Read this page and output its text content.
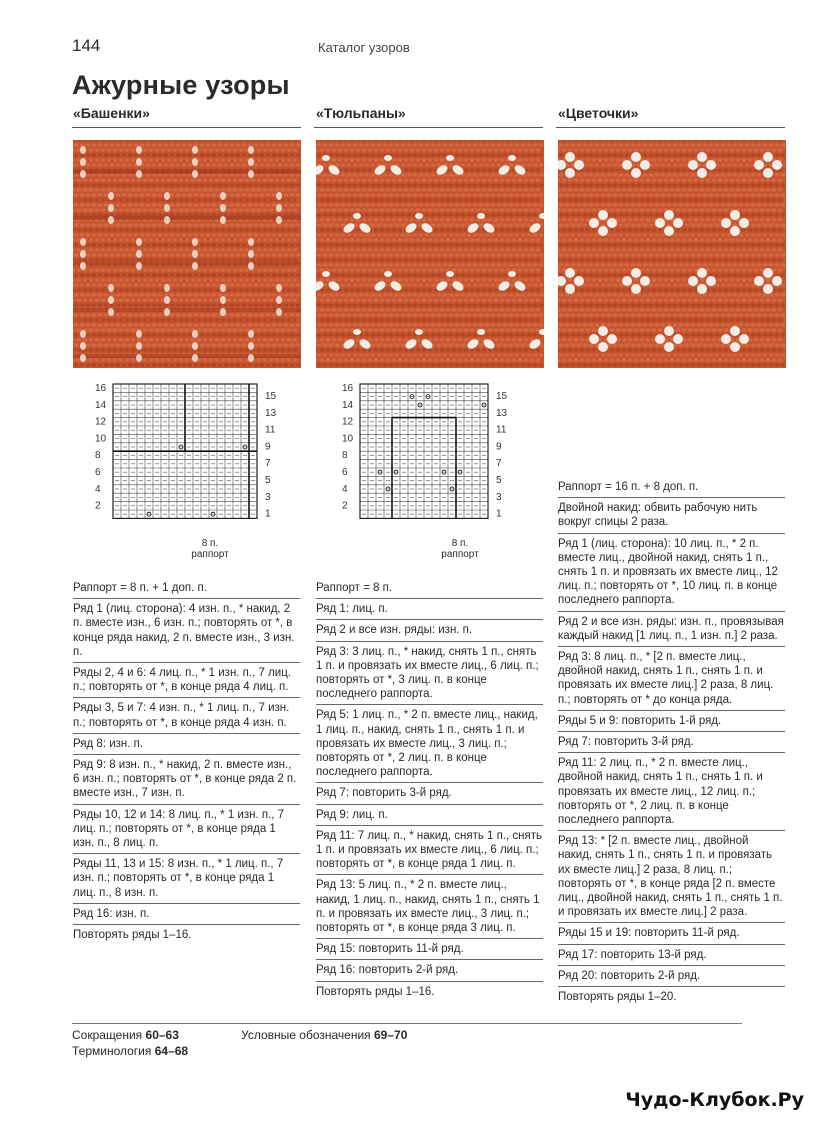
144	Каталог узоров
Ажурные узоры
«Башенки»	«Тюльпаны»	«Цветочки»
16
14
12
10
8
6
4
2
15
13
11
9
7
5
3
1
8 п.
раппорт
16
14
12
10
8
6
4
2
15
13
11
9
7
5
3
1
8 п.
раппорт
Раппорт = 8 п. + 1 доп. п.
Ряд 1 (лиц. сторона): 4 изн. п., * накид, 2 п. вместе изн., 6 изн. п.; повторять от *, в конце ряда накид, 2 п. вместе изн., 3 изн. п.
Ряды 2, 4 и 6: 4 лиц. п., * 1 изн. п., 7 лиц. п.; повторять от *, в конце ряда 4 лиц. п.
Ряды 3, 5 и 7: 4 изн. п., * 1 лиц. п., 7 изн. п.; повторять от *, в конце ряда 4 изн. п.
Ряд 8: изн. п.
Ряд 9: 8 изн. п., * накид, 2 п. вместе изн., 6 изн. п.; повторять от *, в конце ряда 2 п. вместе изн., 7 изн. п.
Ряды 10, 12 и 14: 8 лиц. п., * 1 изн. п., 7 лиц. п.; повторять от *, в конце ряда 1 изн. п., 8 лиц. п.
Ряды 11, 13 и 15: 8 изн. п., * 1 лиц. п., 7 изн. п.; повторять от *, в конце ряда 1 лиц. п., 8 изн. п.
Ряд 16: изн. п.
Повторять ряды 1–16.
Раппорт = 8 п.
Ряд 1: лиц. п.
Ряд 2 и все изн. ряды: изн. п.
Ряд 3: 3 лиц. п., * накид, снять 1 п., снять 1 п. и провязать их вместе лиц., 6 лиц. п.; повторять от *, 3 лиц. п. в конце последнего раппорта.
Ряд 5: 1 лиц. п., * 2 п. вместе лиц., накид, 1 лиц. п., накид, снять 1 п., снять 1 п. и провязать их вместе лиц., 3 лиц. п.; повторять от *, 2 лиц. п. в конце последнего раппорта.
Ряд 7: повторить 3-й ряд.
Ряд 9: лиц. п.
Ряд 11: 7 лиц. п., * накид, снять 1 п., снять 1 п. и провязать их вместе лиц., 6 лиц. п.; повторять от *, в конце ряда 1 лиц. п.
Ряд 13: 5 лиц. п., * 2 п. вместе лиц., накид, 1 лиц. п., накид, снять 1 п., снять 1 п. и провязать их вместе лиц., 3 лиц. п.; повторять от *, в конце ряда 3 лиц. п.
Ряд 15: повторить 11-й ряд.
Ряд 16: повторить 2-й ряд.
Повторять ряды 1–16.
Раппорт = 16 п. + 8 доп. п.
Двойной накид: обвить рабочую нить вокруг спицы 2 раза.
Ряд 1 (лиц. сторона): 10 лиц. п., * 2 п. вместе лиц., двойной накид, снять 1 п., снять 1 п. и провязать их вместе лиц., 12 лиц. п.; повторять от *, 10 лиц. п. в конце последнего раппорта.
Ряд 2 и все изн. ряды: изн. п., провязывая каждый накид [1 лиц. п., 1 изн. п.] 2 раза.
Ряд 3: 8 лиц. п., * [2 п. вместе лиц., двойной накид, снять 1 п., снять 1 п. и провязать их вместе лиц.] 2 раза, 8 лиц. п.; повторять от * до конца ряда.
Ряды 5 и 9: повторить 1-й ряд.
Ряд 7: повторить 3-й ряд.
Ряд 11: 2 лиц. п., * 2 п. вместе лиц., двойной накид, снять 1 п., снять 1 п. и провязать их вместе лиц., 12 лиц. п.; повторять от *, 2 лиц. п. в конце последнего раппорта.
Ряд 13: * [2 п. вместе лиц., двойной накид, снять 1 п., снять 1 п. и провязать их вместе лиц.] 2 раза, 8 лиц. п.; повторять от *, в конце ряда [2 п. вместе лиц., двойной накид, снять 1 п., снять 1 п. и провязать их вместе лиц.] 2 раза.
Ряды 15 и 19: повторить 11-й ряд.
Ряд 17: повторить 13-й ряд.
Ряд 20: повторить 2-й ряд.
Повторять ряды 1–20.
Сокращения 60–63
Терминология 64–68
Условные обозначения 69–70
Чудо-Клубок.Ру
